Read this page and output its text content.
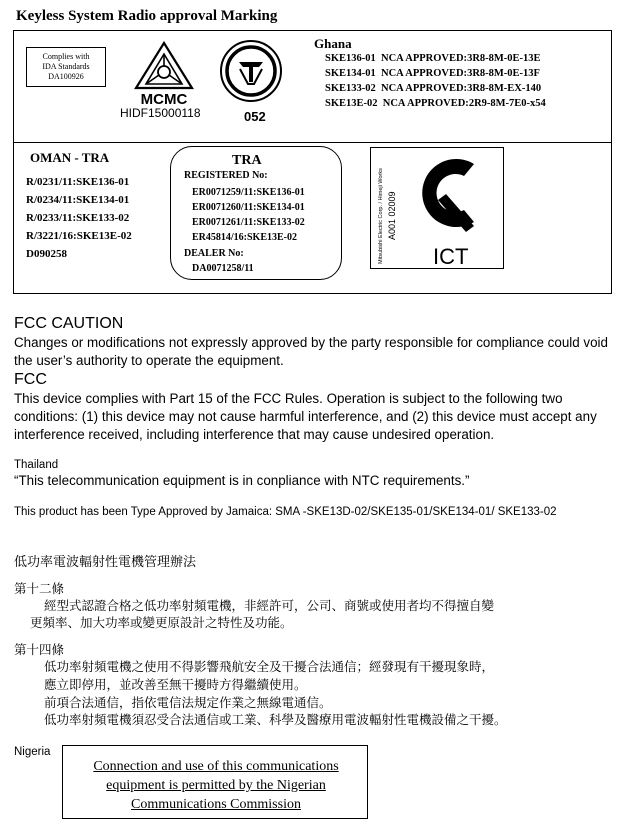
Keyless System Radio approval Marking
Complies with
IDA Standards
DA100926
MCMC
HIDF15000118	052
Ghana
SKE136-01 NCA APPROVED:3R8-8M-0E-13E
SKE134-01 NCA APPROVED:3R8-8M-0E-13F
SKE133-02 NCA APPROVED:3R8-8M-EX-140
SKE13E-02 NCA APPROVED:2R9-8M-7E0-x54
OMAN - TRA
R/0231/11:SKE136-01
R/0234/11:SKE134-01
R/0233/11:SKE133-02
R/3221/16:SKE13E-02
D090258
TRA
REGISTERED No:
ER0071259/11:SKE136-01
ER0071260/11:SKE134-01
ER0071261/11:SKE133-02
ER45814/16:SKE13E-02
DEALER No:
DA0071258/11
Mitsubishi Electric Corp. / Himeji Works A001 02009
ICT
FCC CAUTION
Changes or modifications not expressly approved by the party responsible for compliance could void the user’s authority to operate the equipment.
FCC
This device complies with Part 15 of the FCC Rules. Operation is subject to the following two conditions: (1) this device may not cause harmful interference, and (2) this device must accept any interference received, including interference that may cause undesired operation.
Thailand
“This telecommunication equipment is in conpliance with NTC requirements.”
This product has been Type Approved by Jamaica: SMA -SKE13D-02/SKE135-01/SKE134-01/ SKE133-02
低功率電波輻射性電機管理辦法
第十二條
經型式認證合格之低功率射頻電機，非經許可，公司、商號或使用者均不得擅自變
更頻率、加大功率或變更原設計之特性及功能。
第十四條
低功率射頻電機之使用不得影響飛航安全及干擾合法通信；經發現有干擾現象時，
應立即停用，並改善至無干擾時方得繼續使用。
前項合法通信，指依電信法規定作業之無線電通信。
低功率射頻電機須忍受合法通信或工業、科學及醫療用電波輻射性電機設備之干擾。
Nigeria
Connection and use of this communications
equipment is permitted by the Nigerian
Communications Commission
